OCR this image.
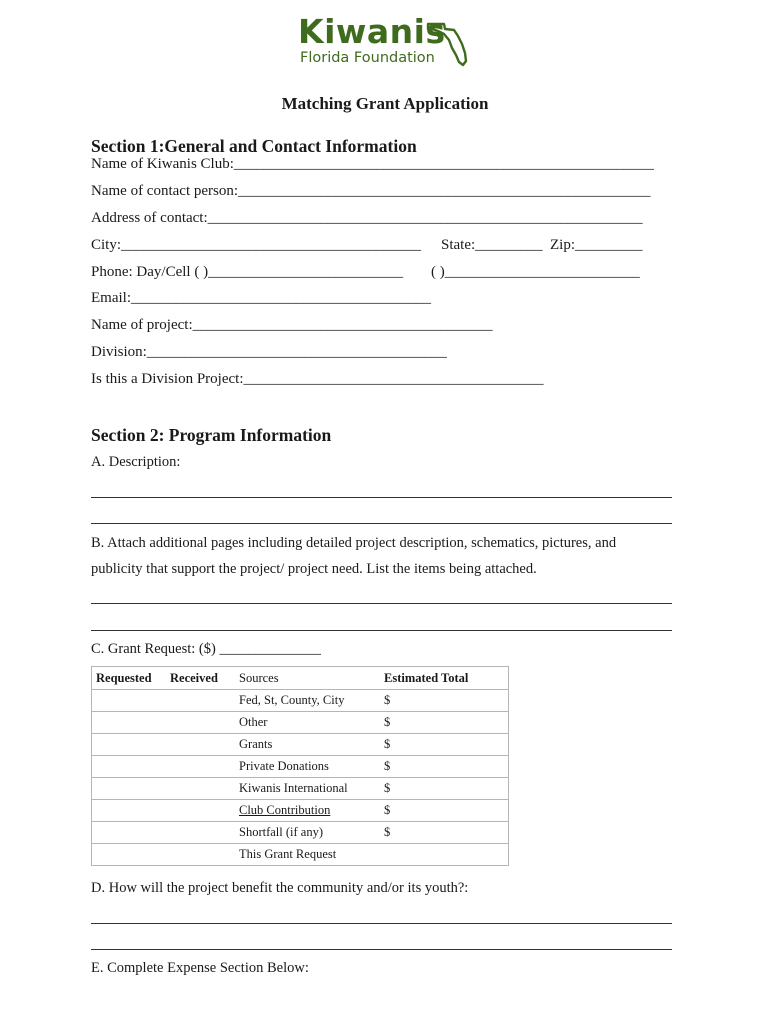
Kiwanis
Florida Foundation
Matching Grant Application
Section 1:General and Contact Information
Name of Kiwanis Club:________________________________________________________
Name of contact person:_______________________________________________________
Address of contact:__________________________________________________________
City:________________________________________ State:_________ Zip:_________
Phone: Day/Cell ( )__________________________ ( )__________________________
Email:________________________________________
Name of project:________________________________________
Division:________________________________________
Is this a Division Project:________________________________________
Section 2: Program Information
A. Description:
B. Attach additional pages including detailed project description, schematics, pictures, and
publicity that support the project/ project need. List the items being attached.
C. Grant Request: ($) ______________
Requested	Received	Sources	Estimated Total
		Fed, St, County, City	$
		Other	$
		Grants	$
		Private Donations	$
		Kiwanis International	$
		Club Contribution	$
		Shortfall (if any)	$
		This Grant Request	
D. How will the project benefit the community and/or its youth?:
E. Complete Expense Section Below:
